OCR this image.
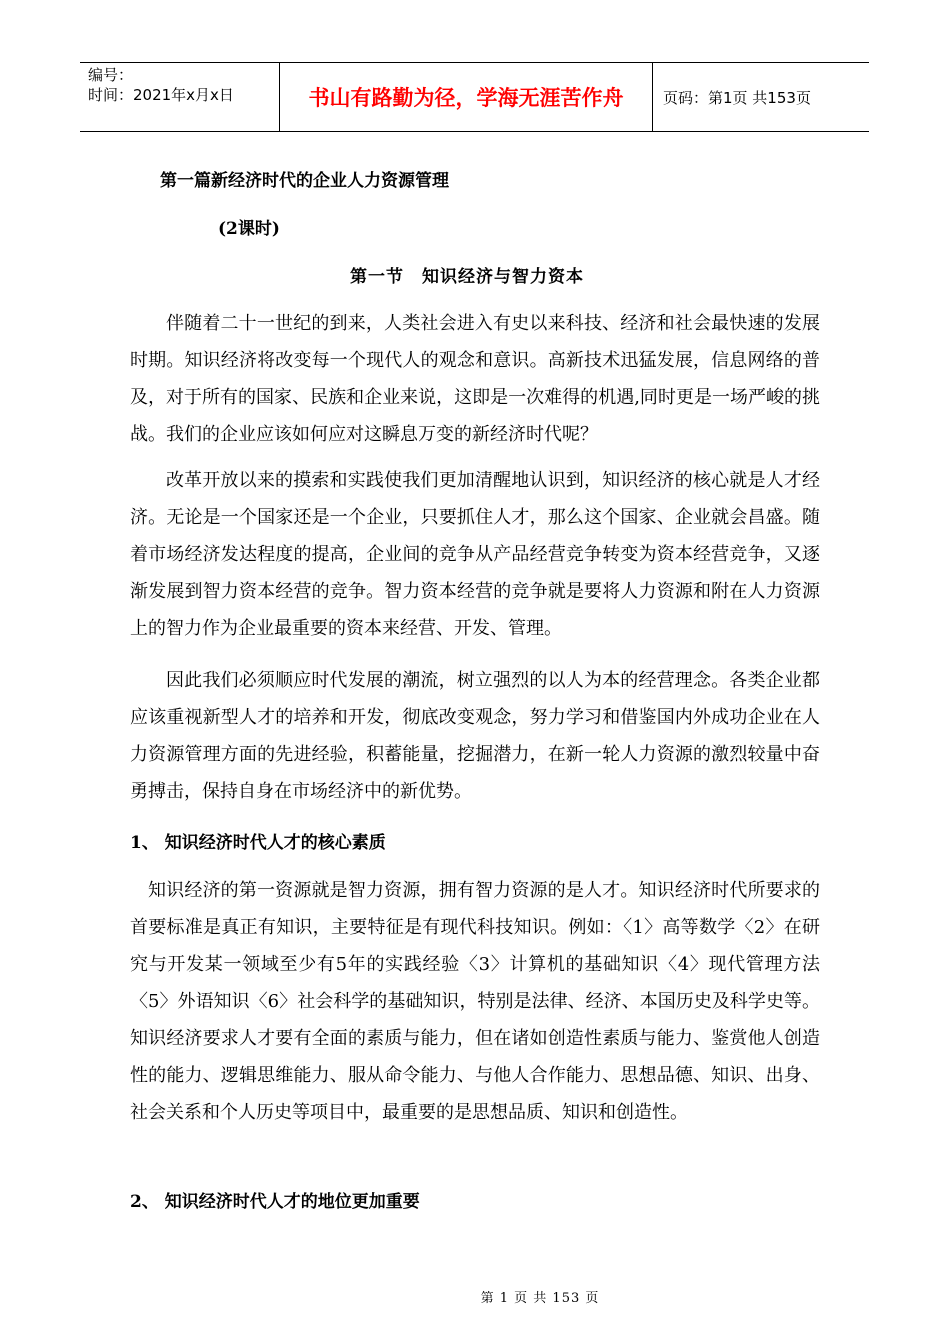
编号：
时间：2021年x月x日	书山有路勤为径，学海无涯苦作舟	页码：第1页 共153页
第一篇新经济时代的企业人力资源管理
(2课时)
第一节　知识经济与智力资本

伴随着二十一世纪的到来，人类社会进入有史以来科技、经济和社会最快速的发展时期。知识经济将改变每一个现代人的观念和意识。高新技术迅猛发展，信息网络的普及，对于所有的国家、民族和企业来说，这即是一次难得的机遇,同时更是一场严峻的挑战。我们的企业应该如何应对这瞬息万变的新经济时代呢？

改革开放以来的摸索和实践使我们更加清醒地认识到，知识经济的核心就是人才经济。无论是一个国家还是一个企业，只要抓住人才，那么这个国家、企业就会昌盛。随着市场经济发达程度的提高，企业间的竞争从产品经营竞争转变为资本经营竞争，又逐渐发展到智力资本经营的竞争。智力资本经营的竞争就是要将人力资源和附在人力资源上的智力作为企业最重要的资本来经营、开发、管理。

因此我们必须顺应时代发展的潮流，树立强烈的以人为本的经营理念。各类企业都应该重视新型人才的培养和开发，彻底改变观念，努力学习和借鉴国内外成功企业在人力资源管理方面的先进经验，积蓄能量，挖掘潜力，在新一轮人力资源的激烈较量中奋勇搏击，保持自身在市场经济中的新优势。

1、 知识经济时代人才的核心素质

知识经济的第一资源就是智力资源，拥有智力资源的是人才。知识经济时代所要求的首要标准是真正有知识，主要特征是有现代科技知识。例如：〈1〉高等数学〈2〉在研究与开发某一领域至少有5年的实践经验〈3〉计算机的基础知识〈4〉现代管理方法〈5〉外语知识〈6〉社会科学的基础知识，特别是法律、经济、本国历史及科学史等。知识经济要求人才要有全面的素质与能力，但在诸如创造性素质与能力、鉴赏他人创造性的能力、逻辑思维能力、服从命令能力、与他人合作能力、思想品德、知识、出身、社会关系和个人历史等项目中，最重要的是思想品质、知识和创造性。

2、 知识经济时代人才的地位更加重要
第 1 页 共 153 页
